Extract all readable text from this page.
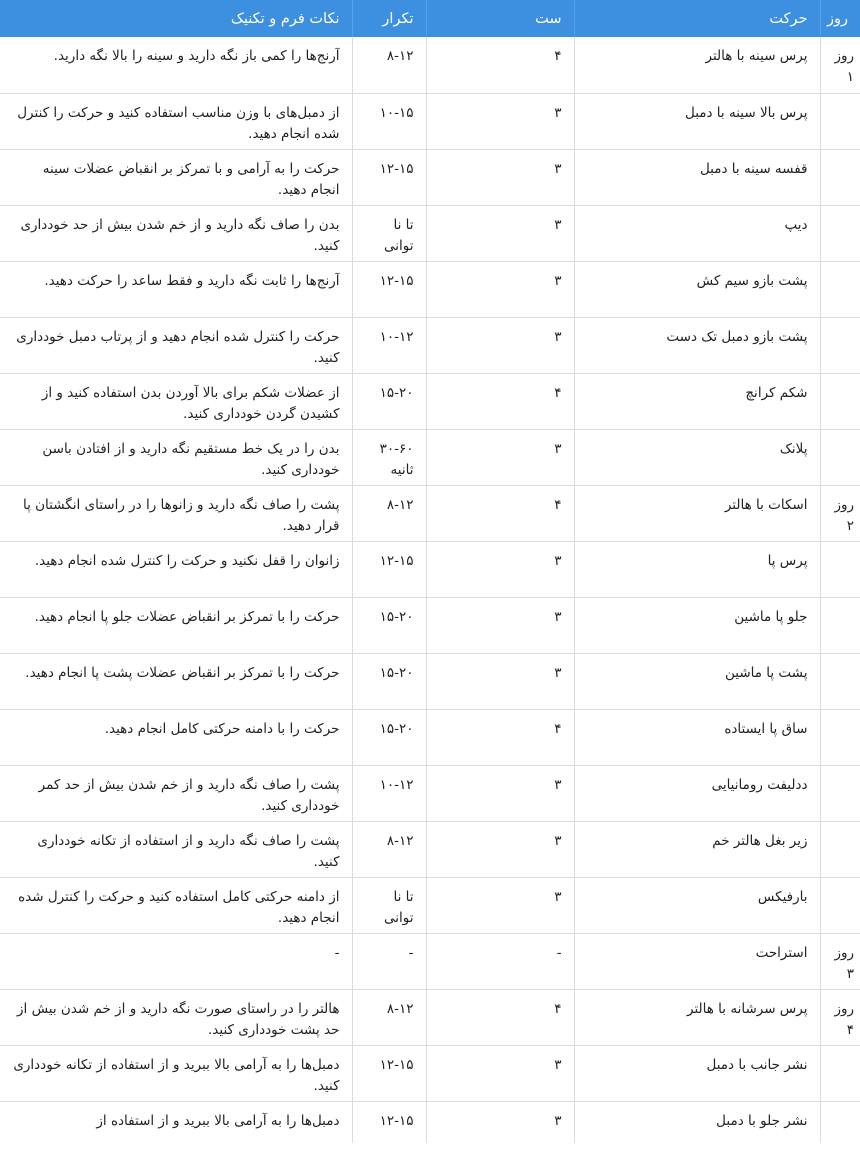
روز	حرکت	ست	تکرار	نکات فرم و تکنیک
روز ۱	پرس سینه با هالتر	۴	۸-۱۲	آرنج‌ها را کمی باز نگه دارید و سینه را بالا نگه دارید.
	پرس بالا سینه با دمبل	۳	۱۰-۱۵	از دمبل‌های با وزن مناسب استفاده کنید و حرکت را کنترل شده انجام دهید.
	قفسه سینه با دمبل	۳	۱۲-۱۵	حرکت را به آرامی و با تمرکز بر انقباض عضلات سینه انجام دهید.
	دیپ	۳	تا نا توانی	بدن را صاف نگه دارید و از خم شدن بیش از حد خودداری کنید.
	پشت بازو سیم کش	۳	۱۲-۱۵	آرنج‌ها را ثابت نگه دارید و فقط ساعد را حرکت دهید.
	پشت بازو دمبل تک دست	۳	۱۰-۱۲	حرکت را کنترل شده انجام دهید و از پرتاب دمبل خودداری کنید.
	شکم کرانچ	۴	۱۵-۲۰	از عضلات شکم برای بالا آوردن بدن استفاده کنید و از کشیدن گردن خودداری کنید.
	پلانک	۳	۳۰-۶۰ ثانیه	بدن را در یک خط مستقیم نگه دارید و از افتادن باسن خودداری کنید.
روز ۲	اسکات با هالتر	۴	۸-۱۲	پشت را صاف نگه دارید و زانوها را در راستای انگشتان پا قرار دهید.
	پرس پا	۳	۱۲-۱۵	زانوان را قفل نکنید و حرکت را کنترل شده انجام دهید.
	جلو پا ماشین	۳	۱۵-۲۰	حرکت را با تمرکز بر انقباض عضلات جلو پا انجام دهید.
	پشت پا ماشین	۳	۱۵-۲۰	حرکت را با تمرکز بر انقباض عضلات پشت پا انجام دهید.
	ساق پا ایستاده	۴	۱۵-۲۰	حرکت را با دامنه حرکتی کامل انجام دهید.
	ددلیفت رومانیایی	۳	۱۰-۱۲	پشت را صاف نگه دارید و از خم شدن بیش از حد کمر خودداری کنید.
	زیر بغل هالتر خم	۳	۸-۱۲	پشت را صاف نگه دارید و از استفاده از تکانه خودداری کنید.
	بارفیکس	۳	تا نا توانی	از دامنه حرکتی کامل استفاده کنید و حرکت را کنترل شده انجام دهید.
روز ۳	استراحت	-	-	-
روز ۴	پرس سرشانه با هالتر	۴	۸-۱۲	هالتر را در راستای صورت نگه دارید و از خم شدن بیش از حد پشت خودداری کنید.
	نشر جانب با دمبل	۳	۱۲-۱۵	دمبل‌ها را به آرامی بالا ببرید و از استفاده از تکانه خودداری کنید.
	نشر جلو با دمبل	۳	۱۲-۱۵	دمبل‌ها را به آرامی بالا ببرید و از استفاده از
